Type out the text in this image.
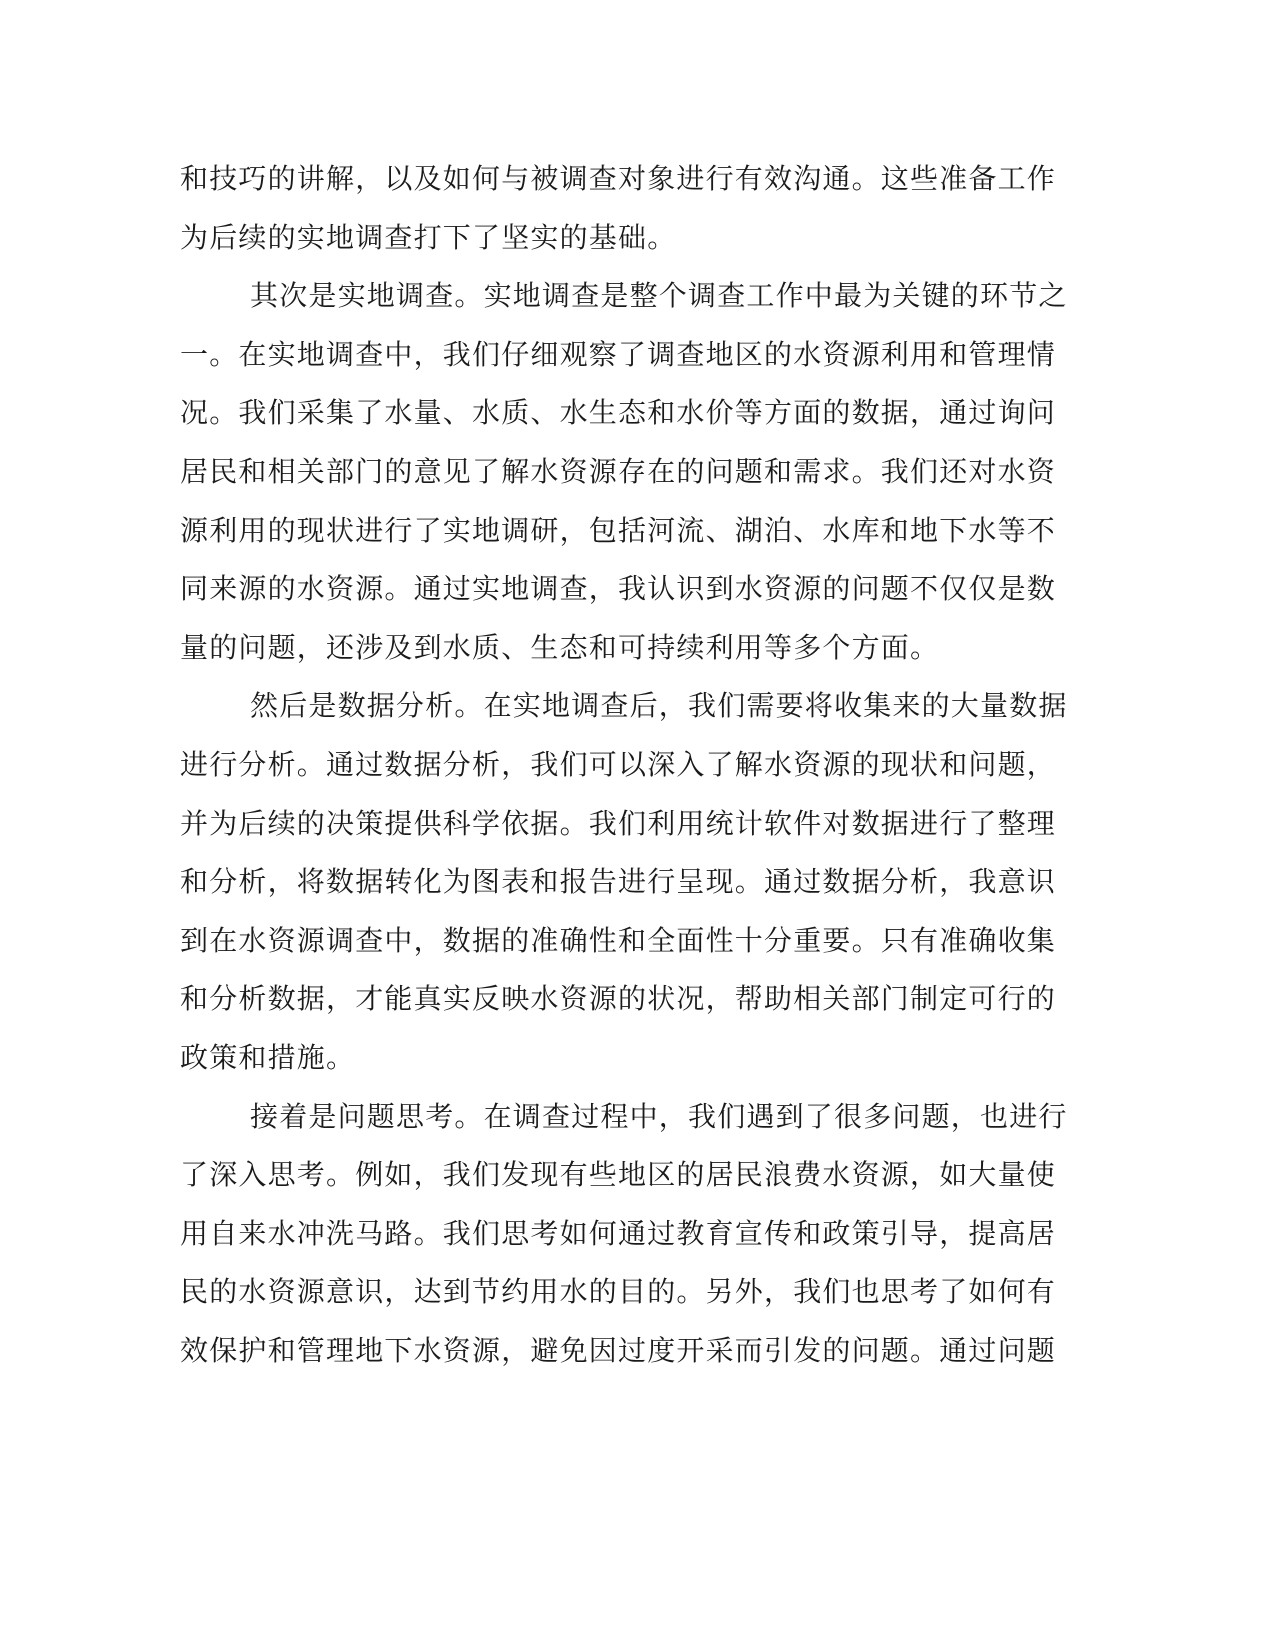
和技巧的讲解，以及如何与被调查对象进行有效沟通。这些准备工作
为后续的实地调查打下了坚实的基础。
其次是实地调查。实地调查是整个调查工作中最为关键的环节之
一。在实地调查中，我们仔细观察了调查地区的水资源利用和管理情
况。我们采集了水量、水质、水生态和水价等方面的数据，通过询问
居民和相关部门的意见了解水资源存在的问题和需求。我们还对水资
源利用的现状进行了实地调研，包括河流、湖泊、水库和地下水等不
同来源的水资源。通过实地调查，我认识到水资源的问题不仅仅是数
量的问题，还涉及到水质、生态和可持续利用等多个方面。
然后是数据分析。在实地调查后，我们需要将收集来的大量数据
进行分析。通过数据分析，我们可以深入了解水资源的现状和问题，
并为后续的决策提供科学依据。我们利用统计软件对数据进行了整理
和分析，将数据转化为图表和报告进行呈现。通过数据分析，我意识
到在水资源调查中，数据的准确性和全面性十分重要。只有准确收集
和分析数据，才能真实反映水资源的状况，帮助相关部门制定可行的
政策和措施。
接着是问题思考。在调查过程中，我们遇到了很多问题，也进行
了深入思考。例如，我们发现有些地区的居民浪费水资源，如大量使
用自来水冲洗马路。我们思考如何通过教育宣传和政策引导，提高居
民的水资源意识，达到节约用水的目的。另外，我们也思考了如何有
效保护和管理地下水资源，避免因过度开采而引发的问题。通过问题
